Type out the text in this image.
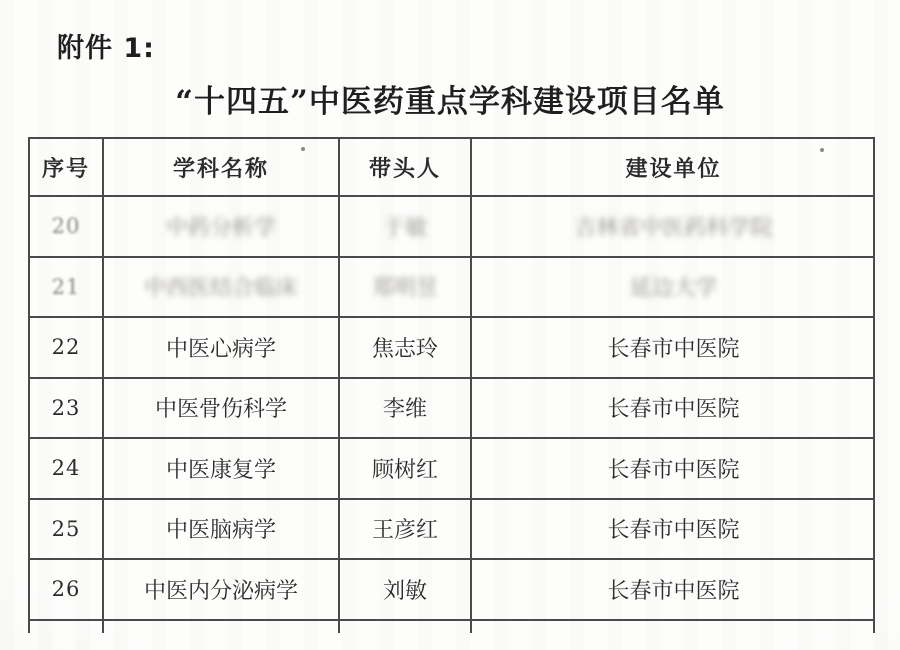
附件 1:
“十四五”中医药重点学科建设项目名单
序号	学科名称	带头人	建设单位
20	中药分析学	于敏	吉林省中医药科学院
21	中西医结合临床	郑明昱	延边大学
22	中医心病学	焦志玲	长春市中医院
23	中医骨伤科学	李维	长春市中医院
24	中医康复学	顾树红	长春市中医院
25	中医脑病学	王彦红	长春市中医院
26	中医内分泌病学	刘敏	长春市中医院
